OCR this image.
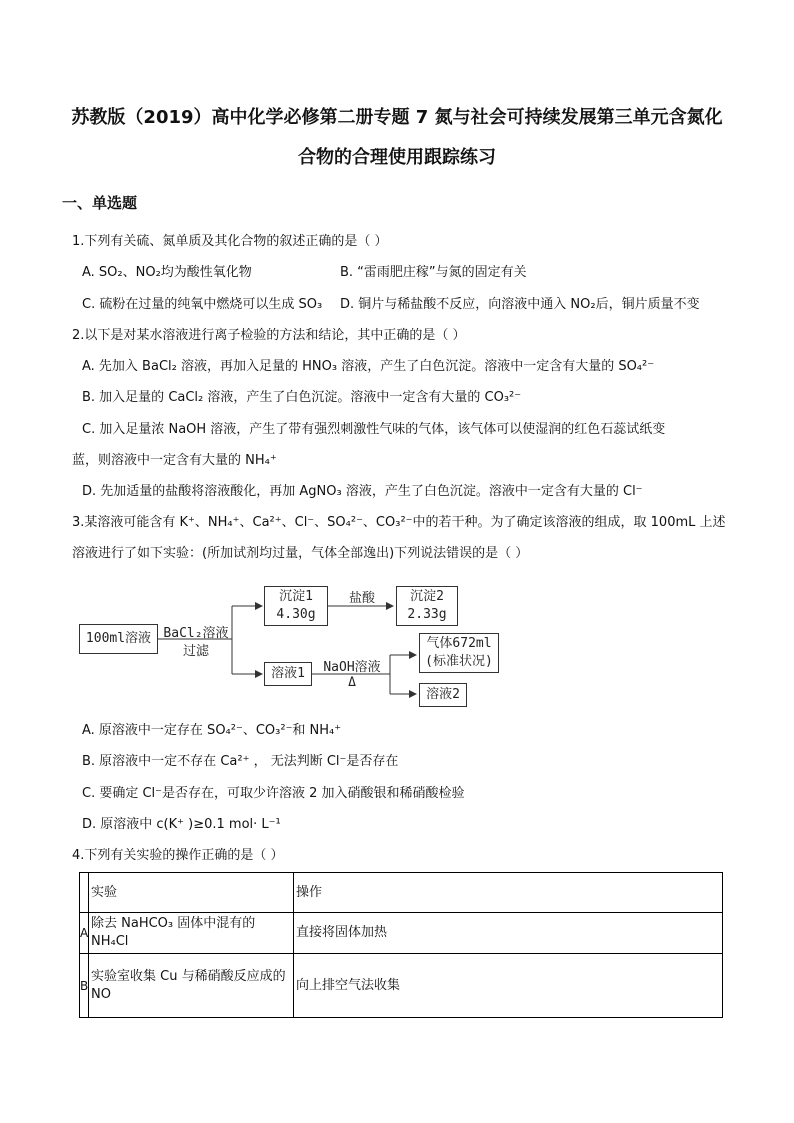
苏教版（2019）高中化学必修第二册专题 7 氮与社会可持续发展第三单元含氮化
合物的合理使用跟踪练习
一、单选题
1.下列有关硫、氮单质及其化合物的叙述正确的是（ ）
A. SO₂、NO₂均为酸性氧化物	B. “雷雨肥庄稼”与氮的固定有关
C. 硫粉在过量的纯氧中燃烧可以生成 SO₃ D. 铜片与稀盐酸不反应，向溶液中通入 NO₂后，铜片质量不变
2.以下是对某水溶液进行离子检验的方法和结论，其中正确的是（ ）
A. 先加入 BaCl₂ 溶液，再加入足量的 HNO₃ 溶液，产生了白色沉淀。溶液中一定含有大量的 SO₄²⁻
B. 加入足量的 CaCl₂ 溶液，产生了白色沉淀。溶液中一定含有大量的 CO₃²⁻
C. 加入足量浓 NaOH 溶液，产生了带有强烈刺激性气味的气体，该气体可以使湿润的红色石蕊试纸变
蓝，则溶液中一定含有大量的 NH₄⁺
D. 先加适量的盐酸将溶液酸化，再加 AgNO₃ 溶液，产生了白色沉淀。溶液中一定含有大量的 Cl⁻
3.某溶液可能含有 K⁺、NH₄⁺、Ca²⁺、Cl⁻、SO₄²⁻、CO₃²⁻中的若干种。为了确定该溶液的组成，取 100mL 上述
溶液进行了如下实验：(所加试剂均过量，气体全部逸出)下列说法错误的是（ ）
100ml溶液 BaCl₂溶液
过滤
沉淀1
4.30g
盐酸	沉淀2
2.33g
溶液1	NaOH溶液
Δ
气体672ml
(标准状况)
溶液2
A. 原溶液中一定存在 SO₄²⁻、CO₃²⁻和 NH₄⁺
B. 原溶液中一定不存在 Ca²⁺ ， 无法判断 Cl⁻是否存在
C. 要确定 Cl⁻是否存在，可取少许溶液 2 加入硝酸银和稀硝酸检验
D. 原溶液中 c(K⁺ )≥0.1 mol· L⁻¹
4.下列有关实验的操作正确的是（ ）
	实验	操作
A	除去 NaHCO₃ 固体中混有的 NH₄Cl	直接将固体加热
B	实验室收集 Cu 与稀硝酸反应成的 NO	向上排空气法收集
